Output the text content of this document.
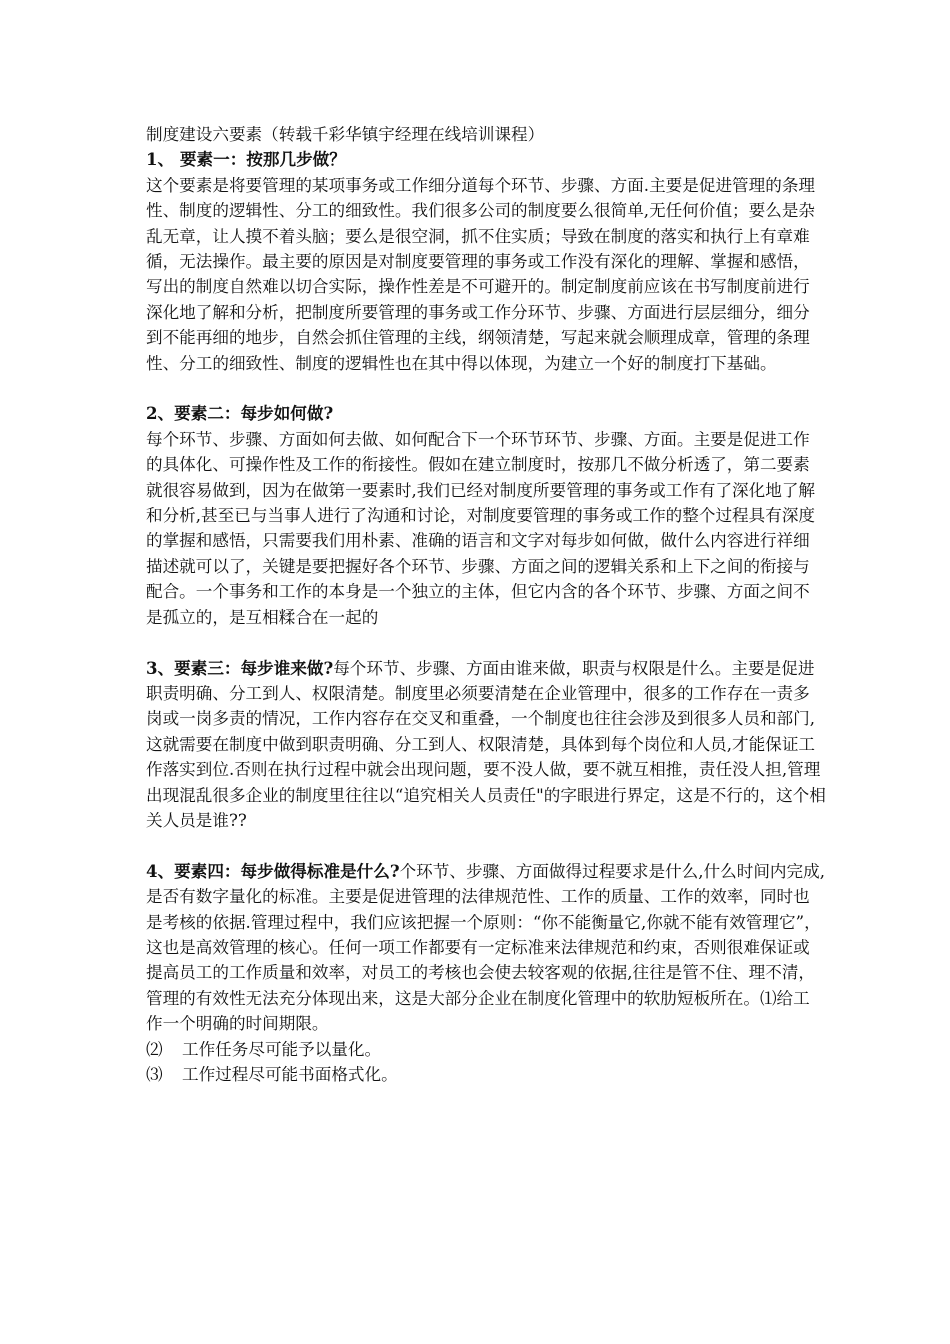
制度建设六要素（转载千彩华镇宇经理在线培训课程）

1、 要素一：按那几步做？

这个要素是将要管理的某项事务或工作细分道每个环节、步骤、方面.主要是促进管理的条理性、制度的逻辑性、分工的细致性。我们很多公司的制度要么很简单,无任何价值；要么是杂乱无章，让人摸不着头脑；要么是很空洞，抓不住实质；导致在制度的落实和执行上有章难循，无法操作。最主要的原因是对制度要管理的事务或工作没有深化的理解、掌握和感悟，写出的制度自然难以切合实际，操作性差是不可避开的。制定制度前应该在书写制度前进行深化地了解和分析，把制度所要管理的事务或工作分环节、步骤、方面进行层层细分，细分到不能再细的地步，自然会抓住管理的主线，纲领清楚，写起来就会顺理成章，管理的条理性、分工的细致性、制度的逻辑性也在其中得以体现，为建立一个好的制度打下基础。

2、要素二：每步如何做?

每个环节、步骤、方面如何去做、如何配合下一个环节环节、步骤、方面。主要是促进工作的具体化、可操作性及工作的衔接性。假如在建立制度时，按那几不做分析透了，第二要素就很容易做到，因为在做第一要素时,我们已经对制度所要管理的事务或工作有了深化地了解和分析,甚至已与当事人进行了沟通和讨论，对制度要管理的事务或工作的整个过程具有深度的掌握和感悟，只需要我们用朴素、准确的语言和文字对每步如何做，做什么内容进行祥细描述就可以了，关键是要把握好各个环节、步骤、方面之间的逻辑关系和上下之间的衔接与配合。一个事务和工作的本身是一个独立的主体，但它内含的各个环节、步骤、方面之间不是孤立的，是互相糅合在一起的

3、要素三：每步谁来做?每个环节、步骤、方面由谁来做，职责与权限是什么。主要是促进职责明确、分工到人、权限清楚。制度里必须要清楚在企业管理中，很多的工作存在一责多岗或一岗多责的情况，工作内容存在交叉和重叠，一个制度也往往会涉及到很多人员和部门,这就需要在制度中做到职责明确、分工到人、权限清楚，具体到每个岗位和人员,才能保证工作落实到位.否则在执行过程中就会出现问题，要不没人做，要不就互相推，责任没人担,管理出现混乱很多企业的制度里往往以“追究相关人员责任"的字眼进行界定，这是不行的，这个相关人员是谁??

4、要素四：每步做得标准是什么?个环节、步骤、方面做得过程要求是什么,什么时间内完成,是否有数字量化的标准。主要是促进管理的法律规范性、工作的质量、工作的效率，同时也是考核的依据.管理过程中，我们应该把握一个原则：“你不能衡量它,你就不能有效管理它”，这也是高效管理的核心。任何一项工作都要有一定标准来法律规范和约束，否则很难保证或提高员工的工作质量和效率，对员工的考核也会使去较客观的依据,往往是管不住、理不清，管理的有效性无法充分体现出来，这是大部分企业在制度化管理中的软肋短板所在。⑴给工作一个明确的时间期限。

⑵	工作任务尽可能予以量化。
⑶	工作过程尽可能书面格式化。
